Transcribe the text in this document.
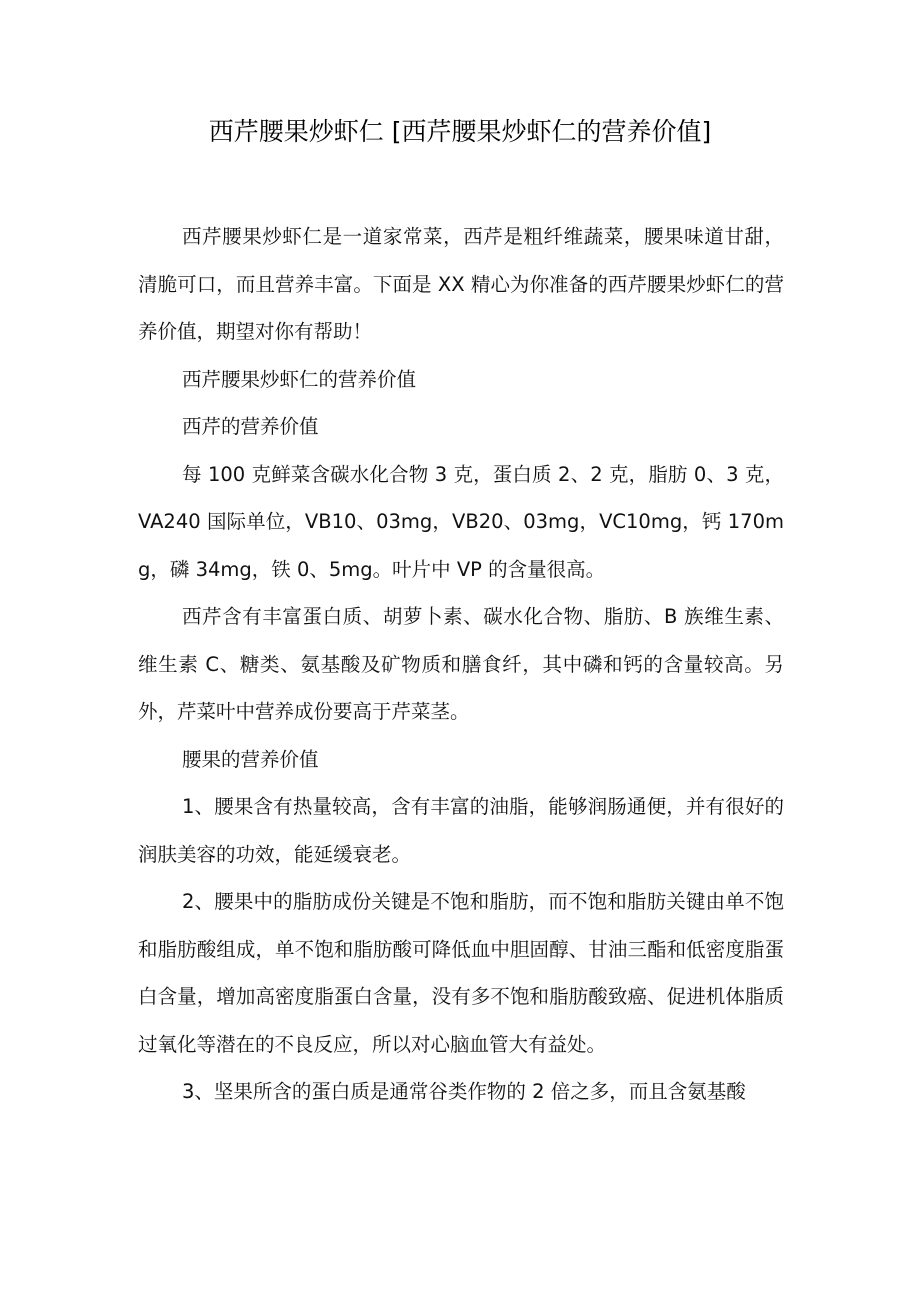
西芹腰果炒虾仁 [西芹腰果炒虾仁的营养价值]

西芹腰果炒虾仁是一道家常菜，西芹是粗纤维蔬菜，腰果味道甘甜，清脆可口，而且营养丰富。下面是 XX 精心为你准备的西芹腰果炒虾仁的营养价值，期望对你有帮助！

西芹腰果炒虾仁的营养价值

西芹的营养价值

每 100 克鲜菜含碳水化合物 3 克，蛋白质 2、2 克，脂肪 0、3 克，VA240 国际单位，VB10、03mg，VB20、03mg，VC10mg，钙 170mg，磷 34mg，铁 0、5mg。叶片中 VP 的含量很高。

西芹含有丰富蛋白质、胡萝卜素、碳水化合物、脂肪、B 族维生素、维生素 C、糖类、氨基酸及矿物质和膳食纤，其中磷和钙的含量较高。另外，芹菜叶中营养成份要高于芹菜茎。

腰果的营养价值

1、腰果含有热量较高，含有丰富的油脂，能够润肠通便，并有很好的润肤美容的功效，能延缓衰老。

2、腰果中的脂肪成份关键是不饱和脂肪，而不饱和脂肪关键由单不饱和脂肪酸组成，单不饱和脂肪酸可降低血中胆固醇、甘油三酯和低密度脂蛋白含量，增加高密度脂蛋白含量，没有多不饱和脂肪酸致癌、促进机体脂质过氧化等潜在的不良反应，所以对心脑血管大有益处。

3、坚果所含的蛋白质是通常谷类作物的 2 倍之多，而且含氨基酸
